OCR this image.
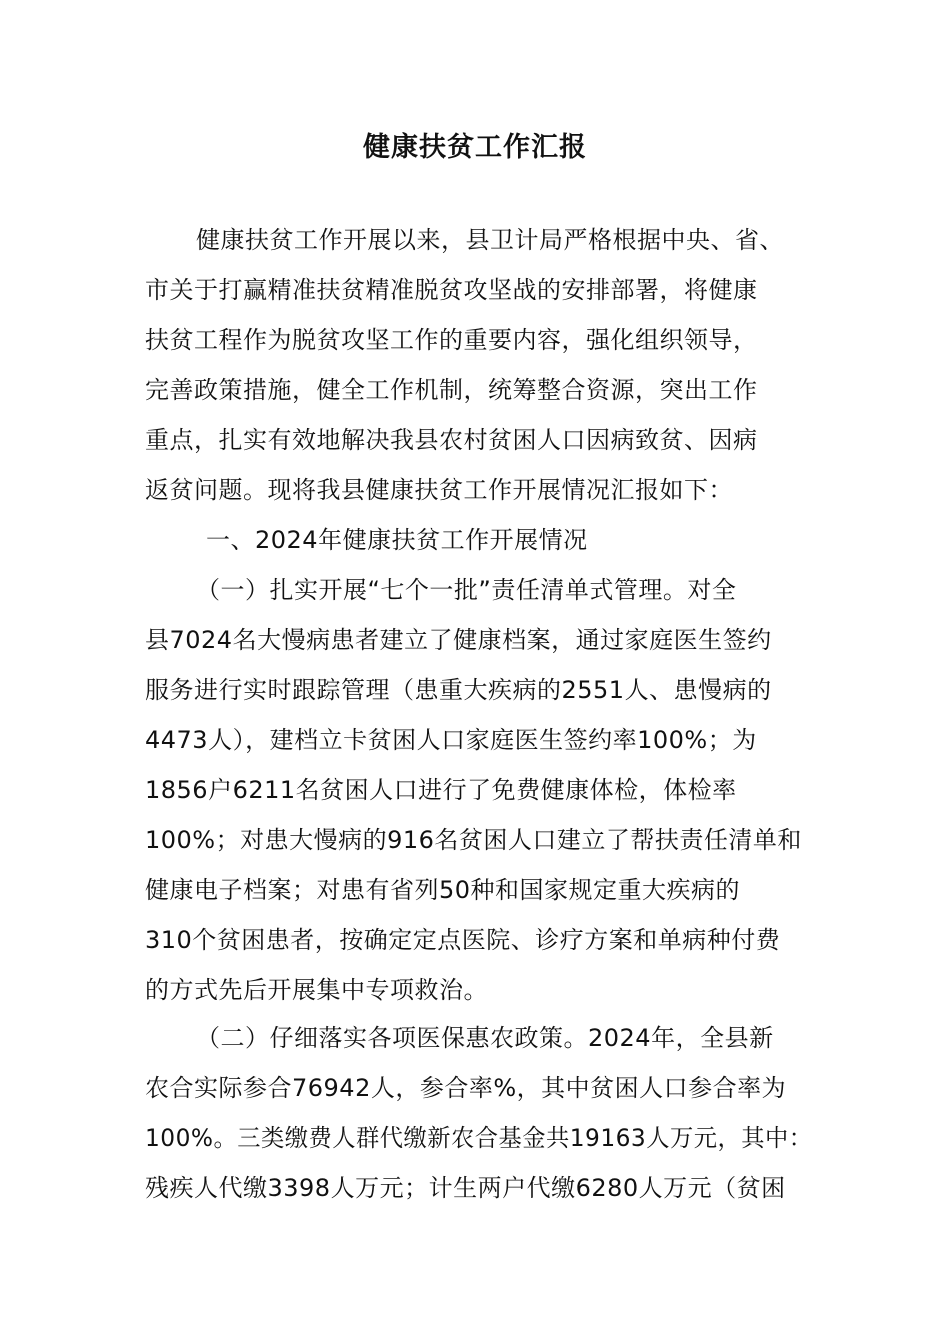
健康扶贫工作汇报
健康扶贫工作开展以来，县卫计局严格根据中央、省、
市关于打赢精准扶贫精准脱贫攻坚战的安排部署，将健康
扶贫工程作为脱贫攻坚工作的重要内容，强化组织领导，
完善政策措施，健全工作机制，统筹整合资源，突出工作
重点，扎实有效地解决我县农村贫困人口因病致贫、因病
返贫问题。现将我县健康扶贫工作开展情况汇报如下：
一、2024年健康扶贫工作开展情况
（一）扎实开展“七个一批”责任清单式管理。对全
县7024名大慢病患者建立了健康档案，通过家庭医生签约
服务进行实时跟踪管理（患重大疾病的2551人、患慢病的
4473人），建档立卡贫困人口家庭医生签约率100%；为
1856户6211名贫困人口进行了免费健康体检，体检率
100%；对患大慢病的916名贫困人口建立了帮扶责任清单和
健康电子档案；对患有省列50种和国家规定重大疾病的
310个贫困患者，按确定定点医院、诊疗方案和单病种付费
的方式先后开展集中专项救治。
（二）仔细落实各项医保惠农政策。2024年，全县新
农合实际参合76942人，参合率%，其中贫困人口参合率为
100%。三类缴费人群代缴新农合基金共19163人万元，其中：
残疾人代缴3398人万元；计生两户代缴6280人万元（贫困
